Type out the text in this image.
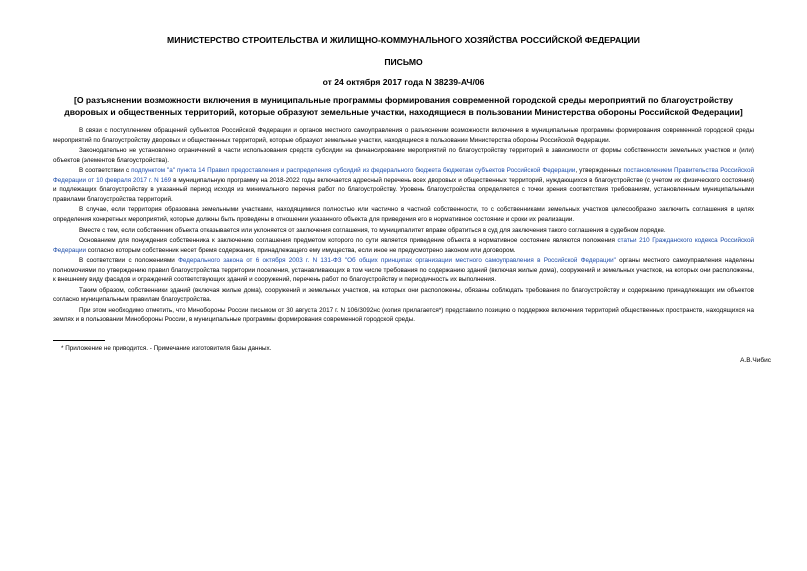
МИНИСТЕРСТВО СТРОИТЕЛЬСТВА И ЖИЛИЩНО-КОММУНАЛЬНОГО ХОЗЯЙСТВА РОССИЙСКОЙ ФЕДЕРАЦИИ
ПИСЬМО
от 24 октября 2017 года N 38239-АЧ/06
[О разъяснении возможности включения в муниципальные программы формирования современной городской среды мероприятий по благоустройству дворовых и общественных территорий, которые образуют земельные участки, находящиеся в пользовании Министерства обороны Российской Федерации]

В связи с поступлением обращений субъектов Российской Федерации и органов местного самоуправления о разъяснении возможности включения в муниципальные программы формирования современной городской среды мероприятий по благоустройству дворовых и общественных территорий, которые образуют земельные участки, находящиеся в пользовании Министерства обороны Российской Федерации.

Законодательно не установлено ограничений в части использования средств субсидии на финансирование мероприятий по благоустройству территорий в зависимости от формы собственности земельных участков и (или) объектов (элементов благоустройства).

В соответствии с подпунктом "а" пункта 14 Правил предоставления и распределения субсидий из федерального бюджета бюджетам субъектов Российской Федерации, утвержденных постановлением Правительства Российской Федерации от 10 февраля 2017 г. N 169 в муниципальную программу на 2018-2022 годы включается адресный перечень всех дворовых и общественных территорий, нуждающихся в благоустройстве (с учетом их физического состояния) и подлежащих благоустройству в указанный период исходя из минимального перечня работ по благоустройству. Уровень благоустройства определяется с точки зрения соответствия требованиям, установленным муниципальными правилами благоустройства территорий.

В случае, если территория образована земельными участками, находящимися полностью или частично в частной собственности, то с собственниками земельных участков целесообразно заключить соглашения в целях определения конкретных мероприятий, которые должны быть проведены в отношении указанного объекта для приведения его в нормативное состояние и сроки их реализации.

Вместе с тем, если собственник объекта отказывается или уклоняется от заключения соглашения, то муниципалитет вправе обратиться в суд для заключения такого соглашения в судебном порядке.

Основанием для понуждения собственника к заключению соглашения предметом которого по сути является приведение объекта в нормативное состояние являются положения статьи 210 Гражданского кодекса Российской Федерации согласно которым собственник несет бремя содержания, принадлежащего ему имущества, если иное не предусмотрено законом или договором.

В соответствии с положениями Федерального закона от 6 октября 2003 г. N 131-ФЗ "Об общих принципах организации местного самоуправления в Российской Федерации" органы местного самоуправления наделены полномочиями по утверждению правил благоустройства территории поселения, устанавливающих в том числе требования по содержанию зданий (включая жилые дома), сооружений и земельных участков, на которых они расположены, к внешнему виду фасадов и ограждений соответствующих зданий и сооружений, перечень работ по благоустройству и периодичность их выполнения.

Таким образом, собственники зданий (включая жилые дома), сооружений и земельных участков, на которых они расположены, обязаны соблюдать требования по благоустройству и содержанию принадлежащих им объектов согласно муниципальным правилам благоустройства.

При этом необходимо отметить, что Минобороны России письмом от 30 августа 2017 г. N 106/3092нс (копия прилагается*) представило позицию о поддержке включения территорий общественных пространств, находящихся на землях и в пользовании Минобороны России, в муниципальные программы формирования современной городской среды.

* Приложение не приводится. - Примечание изготовителя базы данных.
А.В.Чибис
